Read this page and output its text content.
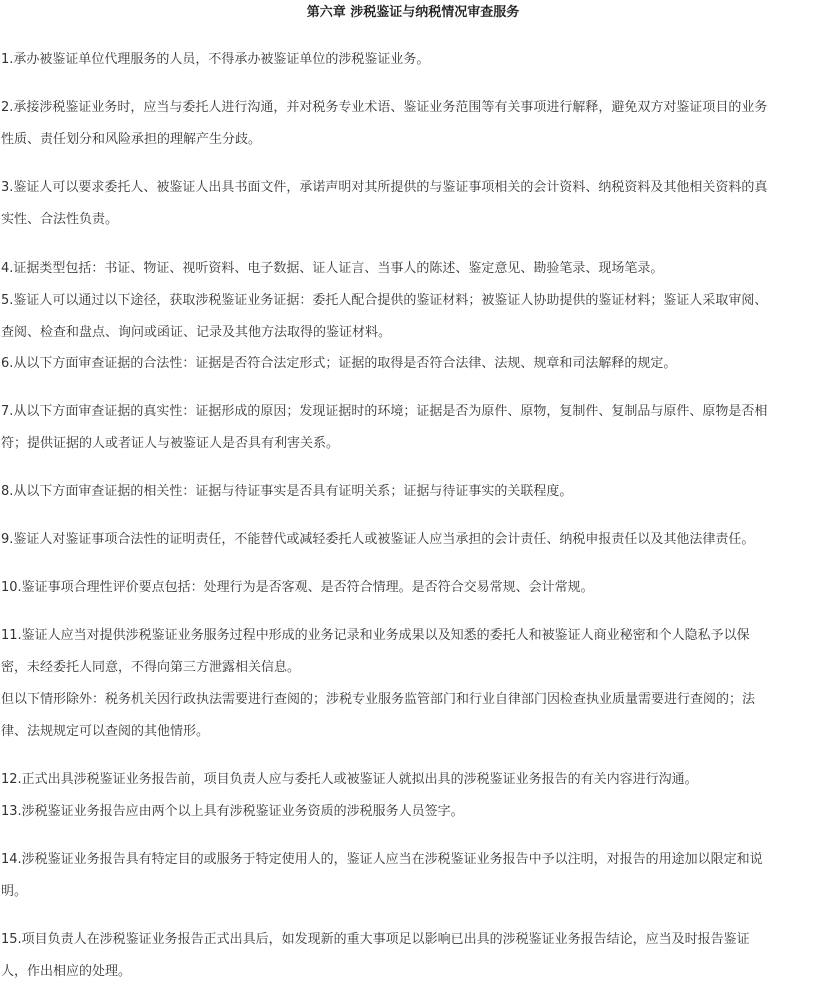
第六章 涉税鉴证与纳税情况审查服务
1.承办被鉴证单位代理服务的人员，不得承办被鉴证单位的涉税鉴证业务。
2.承接涉税鉴证业务时，应当与委托人进行沟通，并对税务专业术语、鉴证业务范围等有关事项进行解释，避免双方对鉴证项目的业务
性质、责任划分和风险承担的理解产生分歧。
3.鉴证人可以要求委托人、被鉴证人出具书面文件，承诺声明对其所提供的与鉴证事项相关的会计资料、纳税资料及其他相关资料的真
实性、合法性负责。
4.证据类型包括：书证、物证、视听资料、电子数据、证人证言、当事人的陈述、鉴定意见、勘验笔录、现场笔录。
5.鉴证人可以通过以下途径，获取涉税鉴证业务证据：委托人配合提供的鉴证材料；被鉴证人协助提供的鉴证材料；鉴证人采取审阅、
查阅、检查和盘点、询问或函证、记录及其他方法取得的鉴证材料。
6.从以下方面审查证据的合法性：证据是否符合法定形式；证据的取得是否符合法律、法规、规章和司法解释的规定。
7.从以下方面审查证据的真实性：证据形成的原因；发现证据时的环境；证据是否为原件、原物，复制件、复制品与原件、原物是否相
符；提供证据的人或者证人与被鉴证人是否具有利害关系。
8.从以下方面审查证据的相关性：证据与待证事实是否具有证明关系；证据与待证事实的关联程度。
9.鉴证人对鉴证事项合法性的证明责任，不能替代或减轻委托人或被鉴证人应当承担的会计责任、纳税申报责任以及其他法律责任。
10.鉴证事项合理性评价要点包括：处理行为是否客观、是否符合情理。是否符合交易常规、会计常规。
11.鉴证人应当对提供涉税鉴证业务服务过程中形成的业务记录和业务成果以及知悉的委托人和被鉴证人商业秘密和个人隐私予以保
密，未经委托人同意，不得向第三方泄露相关信息。
但以下情形除外：税务机关因行政执法需要进行查阅的；涉税专业服务监管部门和行业自律部门因检查执业质量需要进行查阅的；法
律、法规规定可以查阅的其他情形。
12.正式出具涉税鉴证业务报告前，项目负责人应与委托人或被鉴证人就拟出具的涉税鉴证业务报告的有关内容进行沟通。
13.涉税鉴证业务报告应由两个以上具有涉税鉴证业务资质的涉税服务人员签字。
14.涉税鉴证业务报告具有特定目的或服务于特定使用人的，鉴证人应当在涉税鉴证业务报告中予以注明，对报告的用途加以限定和说
明。
15.项目负责人在涉税鉴证业务报告正式出具后，如发现新的重大事项足以影响已出具的涉税鉴证业务报告结论，应当及时报告鉴证
人，作出相应的处理。
